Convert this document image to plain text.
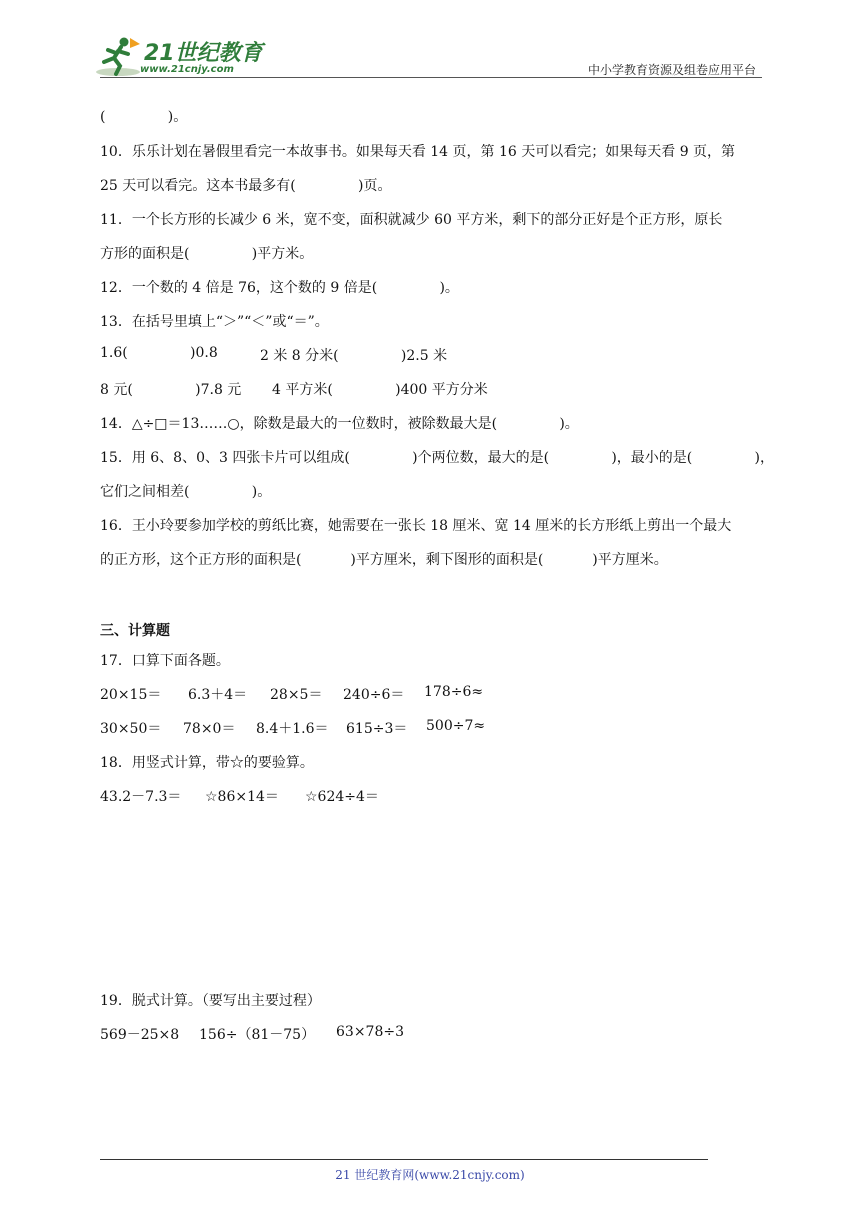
21世纪教育
www.21cnjy.com	中小学教育资源及组卷应用平台
(              )。
10．乐乐计划在暑假里看完一本故事书。如果每天看 14 页，第 16 天可以看完；如果每天看 9 页，第
25 天可以看完。这本书最多有(              )页。
11．一个长方形的长减少 6 米，宽不变，面积就减少 60 平方米，剩下的部分正好是个正方形，原长
方形的面积是(              )平方米。
12．一个数的 4 倍是 76，这个数的 9 倍是(              )。
13．在括号里填上“＞”“＜”或“＝”。
1.6(              )0.8	2 米 8 分米(              )2.5 米
8 元(              )7.8 元 4 平方米(              )400 平方分米
14．△÷□＝13……○，除数是最大的一位数时，被除数最大是(              )。
15．用 6、8、0、3 四张卡片可以组成(              )个两位数，最大的是(              )，最小的是(              )，
它们之间相差(              )。
16．王小玲要参加学校的剪纸比赛，她需要在一张长 18 厘米、宽 14 厘米的长方形纸上剪出一个最大
的正方形，这个正方形的面积是(           )平方厘米，剩下图形的面积是(           )平方厘米。
三、计算题
17．口算下面各题。
20×15＝ 6.3＋4＝ 28×5＝ 240÷6＝ 178÷6≈
30×50＝ 78×0＝ 8.4＋1.6＝ 615÷3＝ 500÷7≈
18．用竖式计算，带☆的要验算。
43.2－7.3＝ ☆86×14＝ ☆624÷4＝
19．脱式计算。（要写出主要过程）
569－25×8 156÷（81－75） 63×78÷3
21 世纪教育网(www.21cnjy.com)
